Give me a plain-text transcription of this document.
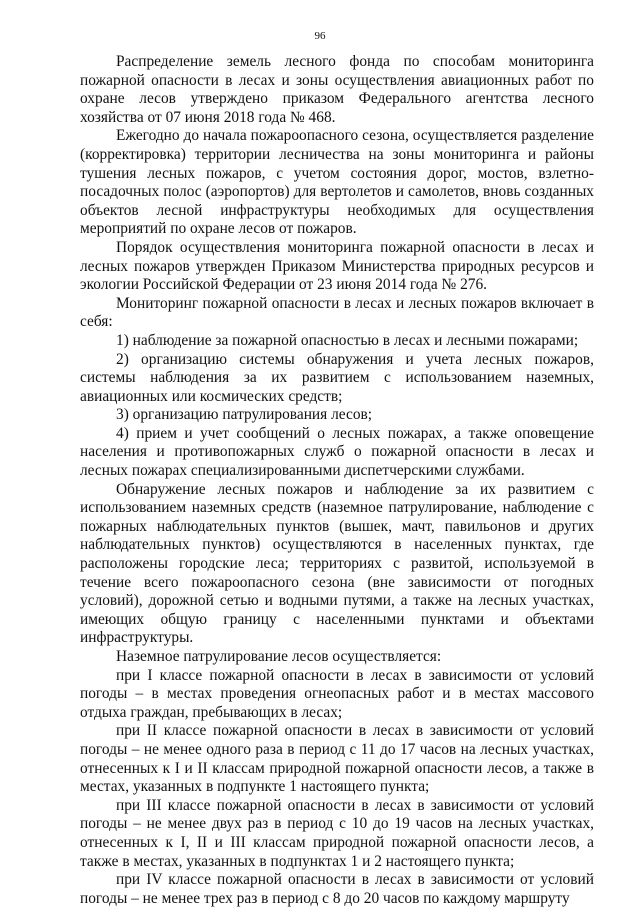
96

Распределение земель лесного фонда по способам мониторинга пожарной опасности в лесах и зоны осуществления авиационных работ по охране лесов утверждено приказом Федерального агентства лесного хозяйства от 07 июня 2018 года № 468.

Ежегодно до начала пожароопасного сезона, осуществляется разделение (корректировка) территории лесничества на зоны мониторинга и районы тушения лесных пожаров, с учетом состояния дорог, мостов, взлетно-посадочных полос (аэропортов) для вертолетов и самолетов, вновь созданных объектов лесной инфраструктуры необходимых для осуществления мероприятий по охране лесов от пожаров.

Порядок осуществления мониторинга пожарной опасности в лесах и лесных пожаров утвержден Приказом Министерства природных ресурсов и экологии Российской Федерации от 23 июня 2014 года № 276.

Мониторинг пожарной опасности в лесах и лесных пожаров включает в себя:

1) наблюдение за пожарной опасностью в лесах и лесными пожарами;

2) организацию системы обнаружения и учета лесных пожаров, системы наблюдения за их развитием с использованием наземных, авиационных или космических средств;

3) организацию патрулирования лесов;

4) прием и учет сообщений о лесных пожарах, а также оповещение населения и противопожарных служб о пожарной опасности в лесах и лесных пожарах специализированными диспетчерскими службами.

Обнаружение лесных пожаров и наблюдение за их развитием с использованием наземных средств (наземное патрулирование, наблюдение с пожарных наблюдательных пунктов (вышек, мачт, павильонов и других наблюдательных пунктов) осуществляются в населенных пунктах, где расположены городские леса; территориях с развитой, используемой в течение всего пожароопасного сезона (вне зависимости от погодных условий), дорожной сетью и водными путями, а также на лесных участках, имеющих общую границу с населенными пунктами и объектами инфраструктуры.

Наземное патрулирование лесов осуществляется:

при I классе пожарной опасности в лесах в зависимости от условий погоды – в местах проведения огнеопасных работ и в местах массового отдыха граждан, пребывающих в лесах;

при II классе пожарной опасности в лесах в зависимости от условий погоды – не менее одного раза в период с 11 до 17 часов на лесных участках, отнесенных к I и II классам природной пожарной опасности лесов, а также в местах, указанных в подпункте 1 настоящего пункта;

при III классе пожарной опасности в лесах в зависимости от условий погоды – не менее двух раз в период с 10 до 19 часов на лесных участках, отнесенных к I, II и III классам природной пожарной опасности лесов, а также в местах, указанных в подпунктах 1 и 2 настоящего пункта;

при IV классе пожарной опасности в лесах в зависимости от условий погоды – не менее трех раз в период с 8 до 20 часов по каждому маршруту
